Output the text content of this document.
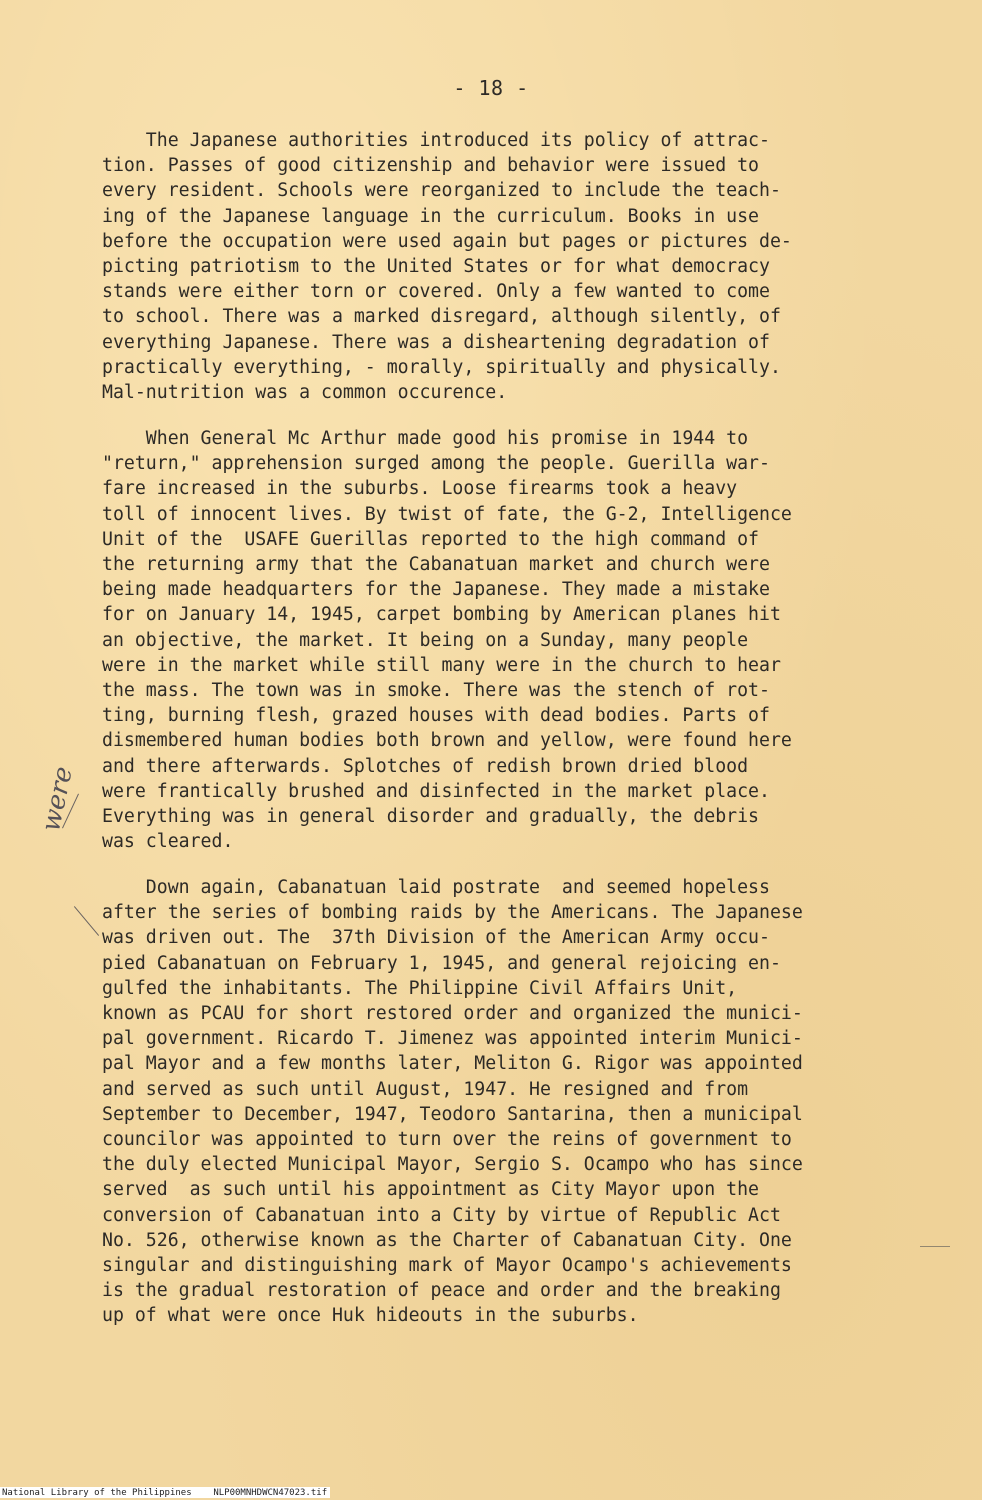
- 18 -
The Japanese authorities introduced its policy of attrac-
tion. Passes of good citizenship and behavior were issued to
every resident. Schools were reorganized to include the teach-
ing of the Japanese language in the curriculum. Books in use
before the occupation were used again but pages or pictures de-
picting patriotism to the United States or for what democracy
stands were either torn or covered. Only a few wanted to come
to school. There was a marked disregard, although silently, of
everything Japanese. There was a disheartening degradation of
practically everything, - morally, spiritually and physically.
Mal-nutrition was a common occurence.
When General Mc Arthur made good his promise in 1944 to
"return," apprehension surged among the people. Guerilla war-
fare increased in the suburbs. Loose firearms took a heavy
toll of innocent lives. By twist of fate, the G-2, Intelligence
Unit of the  USAFE Guerillas reported to the high command of
the returning army that the Cabanatuan market and church were
being made headquarters for the Japanese. They made a mistake
for on January 14, 1945, carpet bombing by American planes hit
an objective, the market. It being on a Sunday, many people
were in the market while still many were in the church to hear
the mass. The town was in smoke. There was the stench of rot-
ting, burning flesh, grazed houses with dead bodies. Parts of
dismembered human bodies both brown and yellow, were found here
and there afterwards. Splotches of redish brown dried blood
were frantically brushed and disinfected in the market place.
Everything was in general disorder and gradually, the debris
was cleared.
Down again, Cabanatuan laid postrate  and seemed hopeless
after the series of bombing raids by the Americans. The Japanese
was driven out. The  37th Division of the American Army occu-
pied Cabanatuan on February 1, 1945, and general rejoicing en-
gulfed the inhabitants. The Philippine Civil Affairs Unit,
known as PCAU for short restored order and organized the munici-
pal government. Ricardo T. Jimenez was appointed interim Munici-
pal Mayor and a few months later, Meliton G. Rigor was appointed
and served as such until August, 1947. He resigned and from
September to December, 1947, Teodoro Santarina, then a municipal
councilor was appointed to turn over the reins of government to
the duly elected Municipal Mayor, Sergio S. Ocampo who has since
served  as such until his appointment as City Mayor upon the
conversion of Cabanatuan into a City by virtue of Republic Act
No. 526, otherwise known as the Charter of Cabanatuan City. One
singular and distinguishing mark of Mayor Ocampo's achievements
is the gradual restoration of peace and order and the breaking
up of what were once Huk hideouts in the suburbs.
were
National Library of the Philippines    NLP00MNHDWCN47023.tif
